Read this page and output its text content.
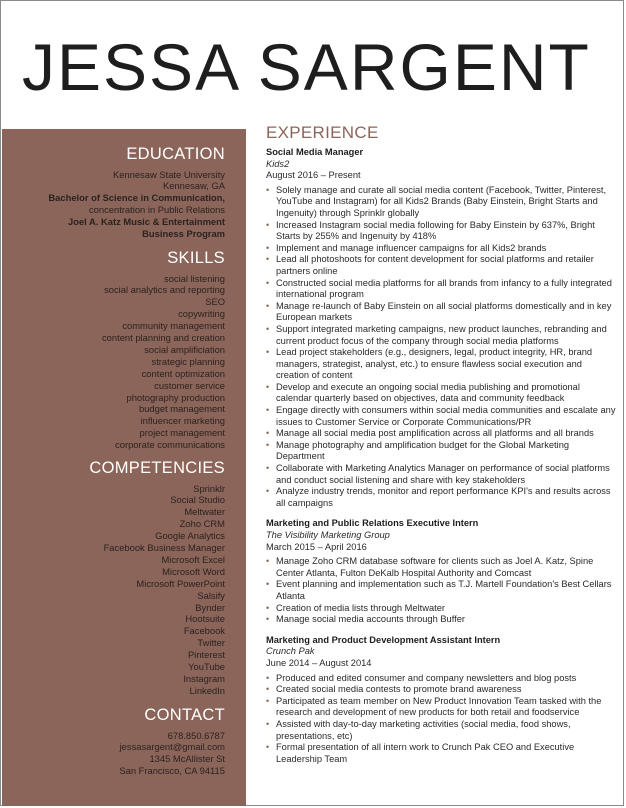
JESSA SARGENT
EDUCATION
Kennesaw State University
Kennesaw, GA
Bachelor of Science in Communication,
concentration in Public Relations
Joel A. Katz Music & Entertainment
Business Program
SKILLS
social listening
social analytics and reporting
SEO
copywriting
community management
content planning and creation
social amplificiation
strategic planning
content optimization
customer service
photography production
budget management
influencer marketing
project management
corporate communications
COMPETENCIES
Sprinklr
Social Studio
Meltwater
Zoho CRM
Google Analytics
Facebook Business Manager
Microsoft Excel
Microsoft Word
Microsoft PowerPoint
Salsify
Bynder
Hootsuite
Facebook
Twitter
Pinterest
YouTube
Instagram
LinkedIn
CONTACT
678.850.6787
jessasargent@gmail.com
1345 McAllister St
San Francisco, CA 94115
EXPERIENCE
Social Media Manager
Kids2
August 2016 – Present
• Solely manage and curate all social media content (Facebook, Twitter, Pinterest, YouTube and Instagram) for all Kids2 Brands (Baby Einstein, Bright Starts and Ingenuity) through Sprinklr globally
• Increased Instagram social media following for Baby Einstein by 637%, Bright Starts by 255% and Ingenuity by 418%
• Implement and manage influencer campaigns for all Kids2 brands
• Lead all photoshoots for content development for social platforms and retailer partners online
• Constructed social media platforms for all brands from infancy to a fully integrated international program
• Manage re-launch of Baby Einstein on all social platforms domestically and in key European markets
• Support integrated marketing campaigns, new product launches, rebranding and current product focus of the company through social media platforms
• Lead project stakeholders (e.g., designers, legal, product integrity, HR, brand managers, strategist, analyst, etc.) to ensure flawless social execution and creation of content
• Develop and execute an ongoing social media publishing and promotional calendar quarterly based on objectives, data and community feedback
• Engage directly with consumers within social media communities and escalate any issues to Customer Service or Corporate Communications/PR
• Manage all social media post amplification across all platforms and all brands
• Manage photography and amplification budget for the Global Marketing Department
• Collaborate with Marketing Analytics Manager on performance of social platforms and conduct social listening and share with key stakeholders
• Analyze industry trends, monitor and report performance KPI's and results across all campaigns
Marketing and Public Relations Executive Intern
The Visibility Marketing Group
March 2015 – April 2016
• Manage Zoho CRM database software for clients such as Joel A. Katz, Spine Center Atlanta, Fulton DeKalb Hospital Authority and Comcast
• Event planning and implementation such as T.J. Martell Foundation's Best Cellars Atlanta
• Creation of media lists through Meltwater
• Manage social media accounts through Buffer
Marketing and Product Development Assistant Intern
Crunch Pak
June 2014 – August 2014
• Produced and edited consumer and company newsletters and blog posts
• Created social media contests to promote brand awareness
• Participated as team member on New Product Innovation Team tasked with the research and development of new products for both retail and foodservice
• Assisted with day-to-day marketing activities (social media, food shows, presentations, etc)
• Formal presentation of all intern work to Crunch Pak CEO and Executive Leadership Team
